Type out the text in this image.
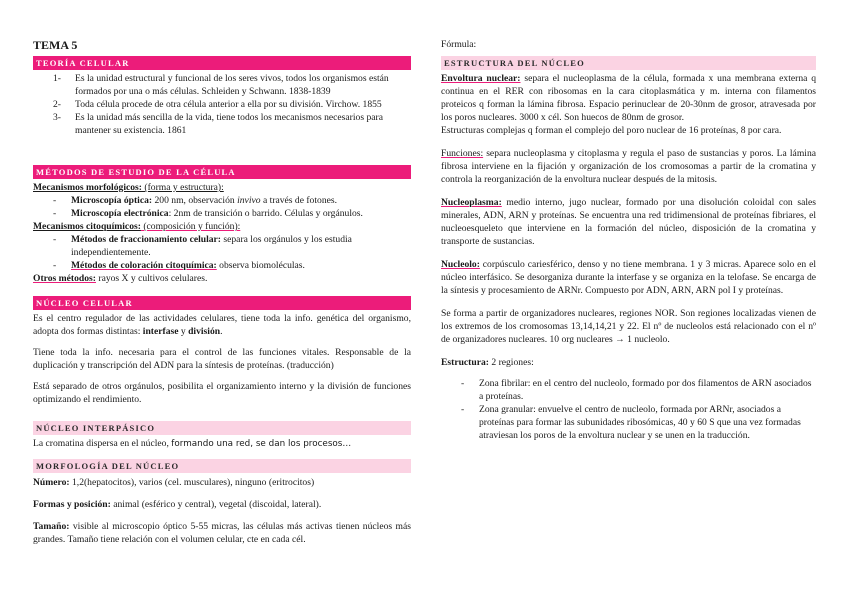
TEMA 5
TEORÍA CELULAR
1-	Es la unidad estructural y funcional de los seres vivos, todos los organismos están formados por una o más células. Schleiden y Schwann. 1838-1839
2-	Toda célula procede de otra célula anterior a ella por su división. Virchow. 1855
3-	Es la unidad más sencilla de la vida, tiene todos los mecanismos necesarios para mantener su existencia. 1861
MÉTODOS DE ESTUDIO DE LA CÉLULA

Mecanismos morfológicos: (forma y estructura):

-	Microscopía óptica: 200 nm, observación invivo a través de fotones.
-	Microscopía electrónica: 2nm de transición o barrido. Células y orgánulos.

Mecanismos citoquímicos: (composición y función):

-	Métodos de fraccionamiento celular: separa los orgánulos y los estudia independientemente.
-	Métodos de coloración citoquímica: observa biomoléculas.

Otros métodos: rayos X y cultivos celulares.

NÚCLEO CELULAR

Es el centro regulador de las actividades celulares, tiene toda la info. genética del organismo, adopta dos formas distintas: interfase y división.

Tiene toda la info. necesaria para el control de las funciones vitales. Responsable de la duplicación y transcripción del ADN para la síntesis de proteínas. (traducción)

Está separado de otros orgánulos, posibilita el organizamiento interno y la división de funciones optimizando el rendimiento.

NÚCLEO INTERPÁSICO

La cromatina dispersa en el núcleo, formando una red, se dan los procesos…

MORFOLOGÍA DEL NÚCLEO

Número: 1,2(hepatocitos), varios (cel. musculares), ninguno (eritrocitos)

Formas y posición: animal (esférico y central), vegetal (discoidal, lateral).

Tamaño: visible al microscopio óptico 5-55 micras, las células más activas tienen núcleos más grandes. Tamaño tiene relación con el volumen celular, cte en cada cél.

Fórmula:
ESTRUCTURA DEL NÚCLEO

Envoltura nuclear: separa el nucleoplasma de la célula, formada x una membrana externa q continua en el RER con ribosomas en la cara citoplasmática y m. interna con filamentos proteicos q forman la lámina fibrosa. Espacio perinuclear de 20-30nm de grosor, atravesada por los poros nucleares. 3000 x cél. Son huecos de 80nm de grosor.

Estructuras complejas q forman el complejo del poro nuclear de 16 proteínas, 8 por cara.

Funciones: separa nucleoplasma y citoplasma y regula el paso de sustancias y poros. La lámina fibrosa interviene en la fijación y organización de los cromosomas a partir de la cromatina y controla la reorganización de la envoltura nuclear después de la mitosis.

Nucleoplasma: medio interno, jugo nuclear, formado por una disolución coloidal con sales minerales, ADN, ARN y proteínas. Se encuentra una red tridimensional de proteínas fibriares, el nucleoesqueleto que interviene en la formación del núcleo, disposición de la cromatina y transporte de sustancias.

Nucleolo: corpúsculo cariesférico, denso y no tiene membrana. 1 y 3 micras. Aparece solo en el núcleo interfásico. Se desorganiza durante la interfase y se organiza en la telofase. Se encarga de la síntesis y procesamiento de ARNr. Compuesto por ADN, ARN, ARN pol I y proteínas.

Se forma a partir de organizadores nucleares, regiones NOR. Son regiones localizadas vienen de los extremos de los cromosomas 13,14,14,21 y 22. El nº de nucleolos está relacionado con el nº de organizadores nucleares. 10 org nucleares → 1 nucleolo.

Estructura: 2 regiones:

-	Zona fibrilar: en el centro del nucleolo, formado por dos filamentos de ARN asociados a proteínas.
-	Zona granular: envuelve el centro de nucleolo, formada por ARNr, asociados a proteínas para formar las subunidades ribosómicas, 40 y 60 S que una vez formadas atraviesan los poros de la envoltura nuclear y se unen en la traducción.
